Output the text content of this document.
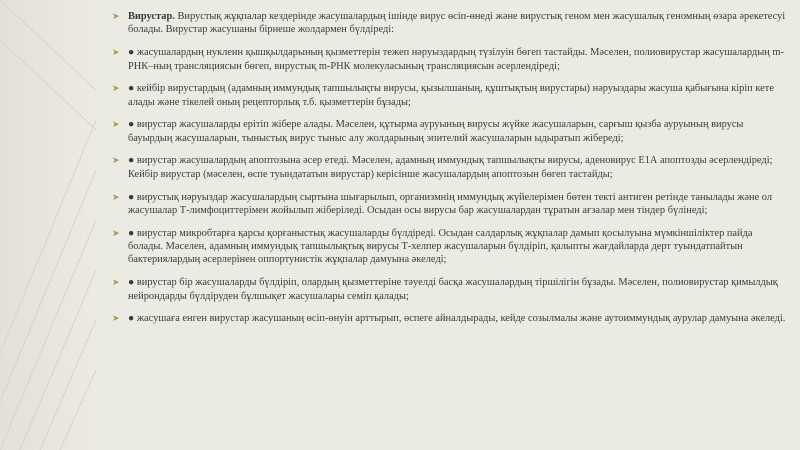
➤ Вирустар. Вирустық жұқпалар кездерінде жасушалардың ішінде вирус өсіп-өнеді және вирустық геном мен жасушалық геномның өзара әрекетесуі болады. Вирустар жасушаны бірнеше жолдармен бүлдіреді:
➤ ● жасушалардың нуклеин қышқылдарының қызметтерін тежеп нәруыздардың түзілуін бөгеп тастайды. Мәселен, полиовирустар жасушалардың m-РНК–ның трансляциясын бөгеп, вирустық m-РНК молекуласының трансляциясын әсерлендіреді;
➤ ● кейбір вирустардың (адамның иммундық тапшылықты вирусы, қызылшаның, құштықтың вирустары) нәруыздары жасуша қабығына кіріп кете алады және тікелей оның рецепторлық т.б. қызметтерін бұзады;
➤ ● вирустар жасушаларды ерітіп жібере алады. Мәселен, құтырма ауруының вирусы жүйке жасушаларын, сарғыш қызба ауруының вирусы бауырдың жасушаларын, тыныстық вирус тыныс алу жолдарының эпителий жасушаларын ыдыратып жібереді;
➤ ● вирустар жасушалардың апоптозына әсер етеді. Мәселен, адамның иммундық тапшылықты вирусы, аденовирус Е1А апоптозды әсерлендіреді; Кейбір вирустар (мәселен, өспе туындататын вирустар) керісінше жасушалардың апоптозын бөгеп тастайды;
➤ ● вирустық нәруыздар жасушалардың сыртына шығарылып, организмнің иммундық жүйелерімен бөтен текті антиген ретінде танылады және ол жасушалар Т-лимфоциттерімен жойылып жіберіледі. Осыдан осы вирусы бар жасушалардан тұратын ағзалар мен тіндер бүлінеді;
➤ ● вирустар микробтарға қарсы қорғаныстық жасушаларды бүлдіреді. Осыдан салдарлық жұқпалар дамып қосылуына мүмкіншіліктер пайда болады. Мәселен, адамның иммундық тапшылықтық вирусы Т-хелпер жасушаларын бүлдіріп, қалыпты жағдайларда дерт туындатпайтын бактериялардың әсерлерінен оппортунистік жұқпалар дамуына әкеледі;
➤ ● вирустар бір жасушаларды бүлдіріп, олардың қызметтеріне тәуелді басқа жасушалардың тіршілігін бұзады. Мәселен, полиовирустар қимылдық нейрондарды бүлдіруден бұлшықет жасушалары семіп қалады;
➤ ● жасушаға енген вирустар жасушаның өсіп-өнуін арттырып, өспеге айналдырады, кейде созылмалы және аутоиммундық аурулар дамуына әкеледі.
